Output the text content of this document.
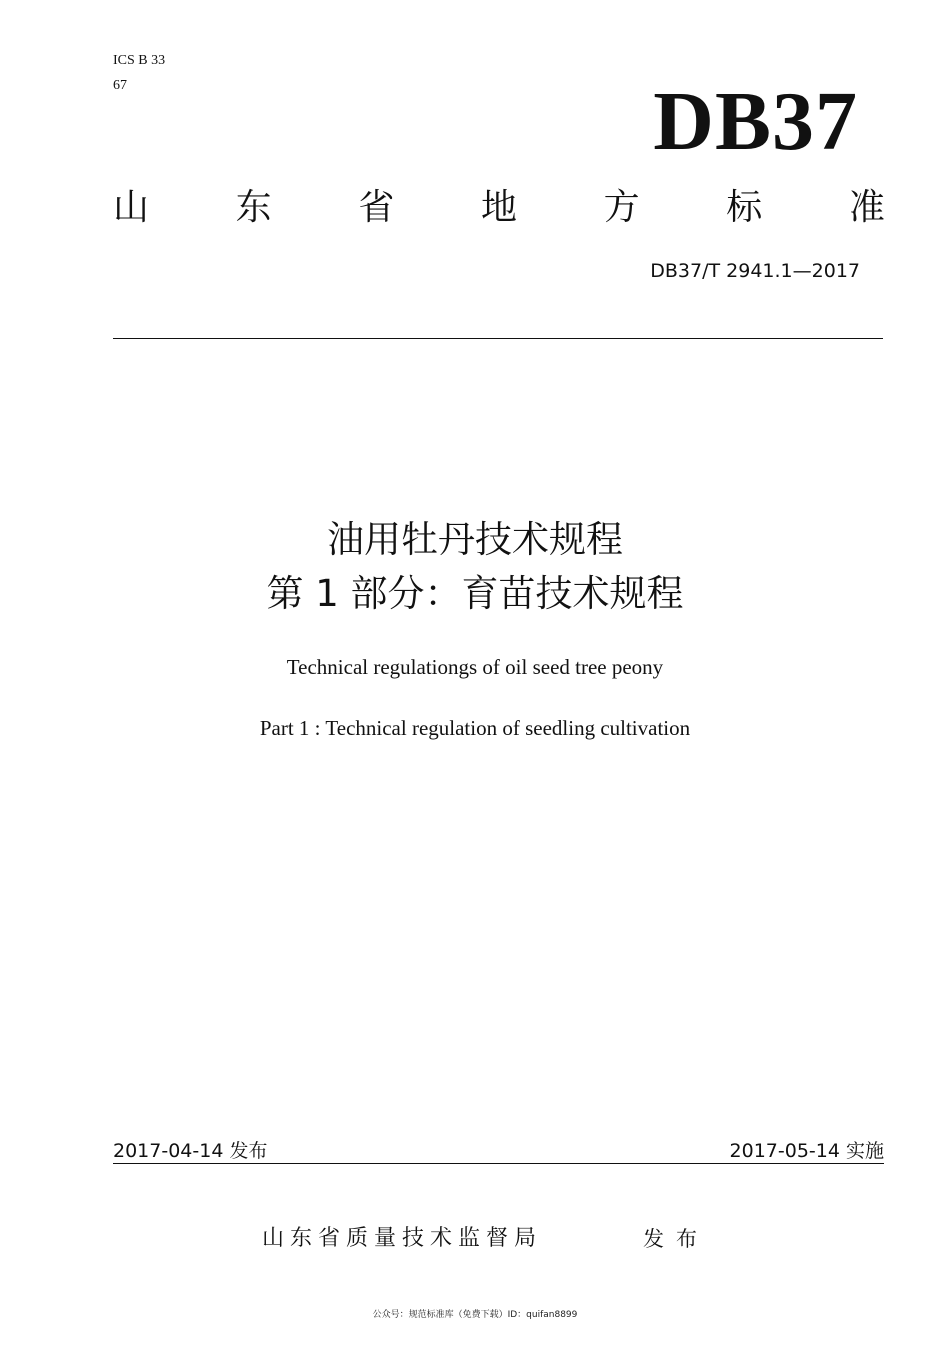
ICS B 33
67	DB37
山 东 省 地 方 标 准
DB37/T 2941.1—2017
油用牡丹技术规程
第 1 部分：育苗技术规程
Technical regulationgs of oil seed tree peony
Part 1 : Technical regulation of seedling cultivation
2017-04-14 发布	2017-05-14 实施
山东省质量技术监督局	发布
公众号：规范标准库（免费下载）ID：quifan8899
